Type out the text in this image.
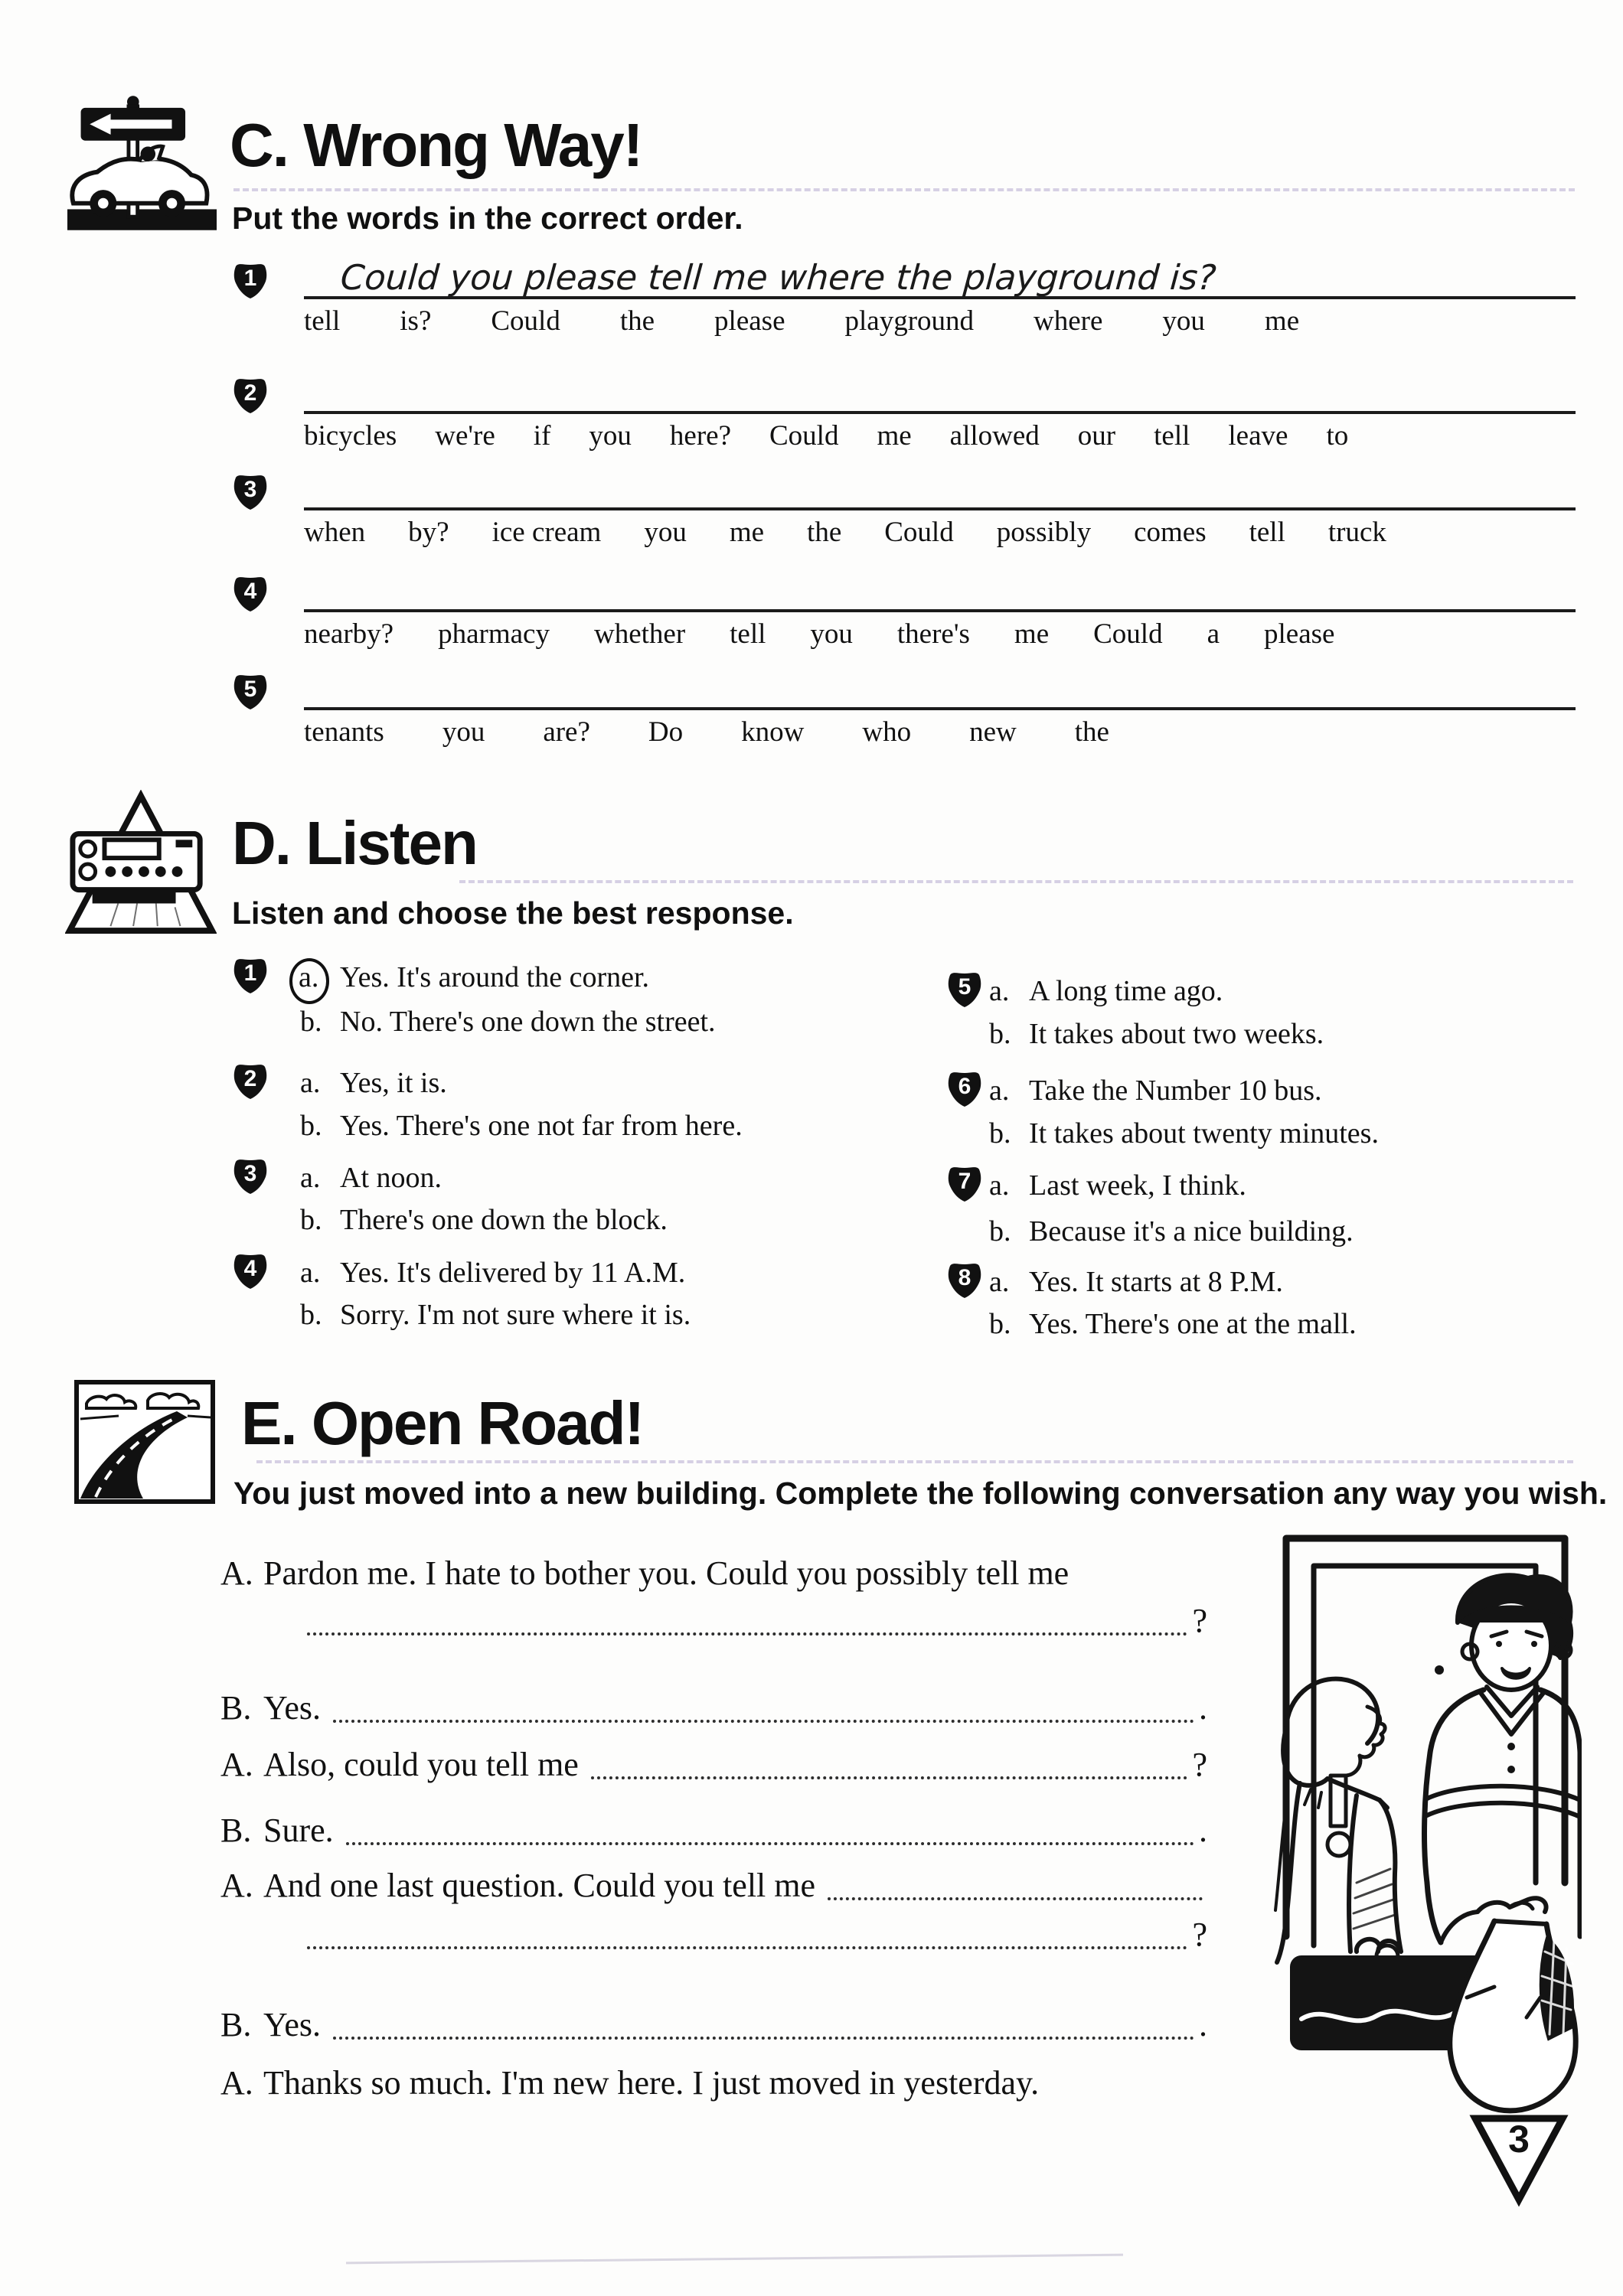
C. Wrong Way!
Put the words in the correct order.
1	Could you please tell me where the playground is?
tell is? Could the please playground where you me
2
bicycles we're if you here? Could me allowed our tell leave to
3
when by? ice cream you me the Could possibly comes tell truck
4
nearby? pharmacy whether tell you there's me Could a please
5
tenants you are? Do know who new the
D. Listen
Listen and choose the best response.
1	a. Yes. It's around the corner.
b. No. There's one down the street.
2	a. Yes, it is.
b. Yes. There's one not far from here.
3	a. At noon.
b. There's one down the block.
4	a. Yes. It's delivered by 11 A.M.
b. Sorry. I'm not sure where it is.
5 a. A long time ago.
b. It takes about two weeks.
6 a. Take the Number 10 bus.
b. It takes about twenty minutes.
7 a. Last week, I think.
b. Because it's a nice building.
8 a. Yes. It starts at 8 P.M.
b. Yes. There's one at the mall.
E. Open Road!
You just moved into a new building. Complete the following conversation any way you wish.
A. Pardon me. I hate to bother you. Could you possibly tell me
?
B. Yes.	.
A. Also, could you tell me	?
B. Sure.	.
A. And one last question. Could you tell me
?
B. Yes.	.
A. Thanks so much. I'm new here. I just moved in yesterday.
3
